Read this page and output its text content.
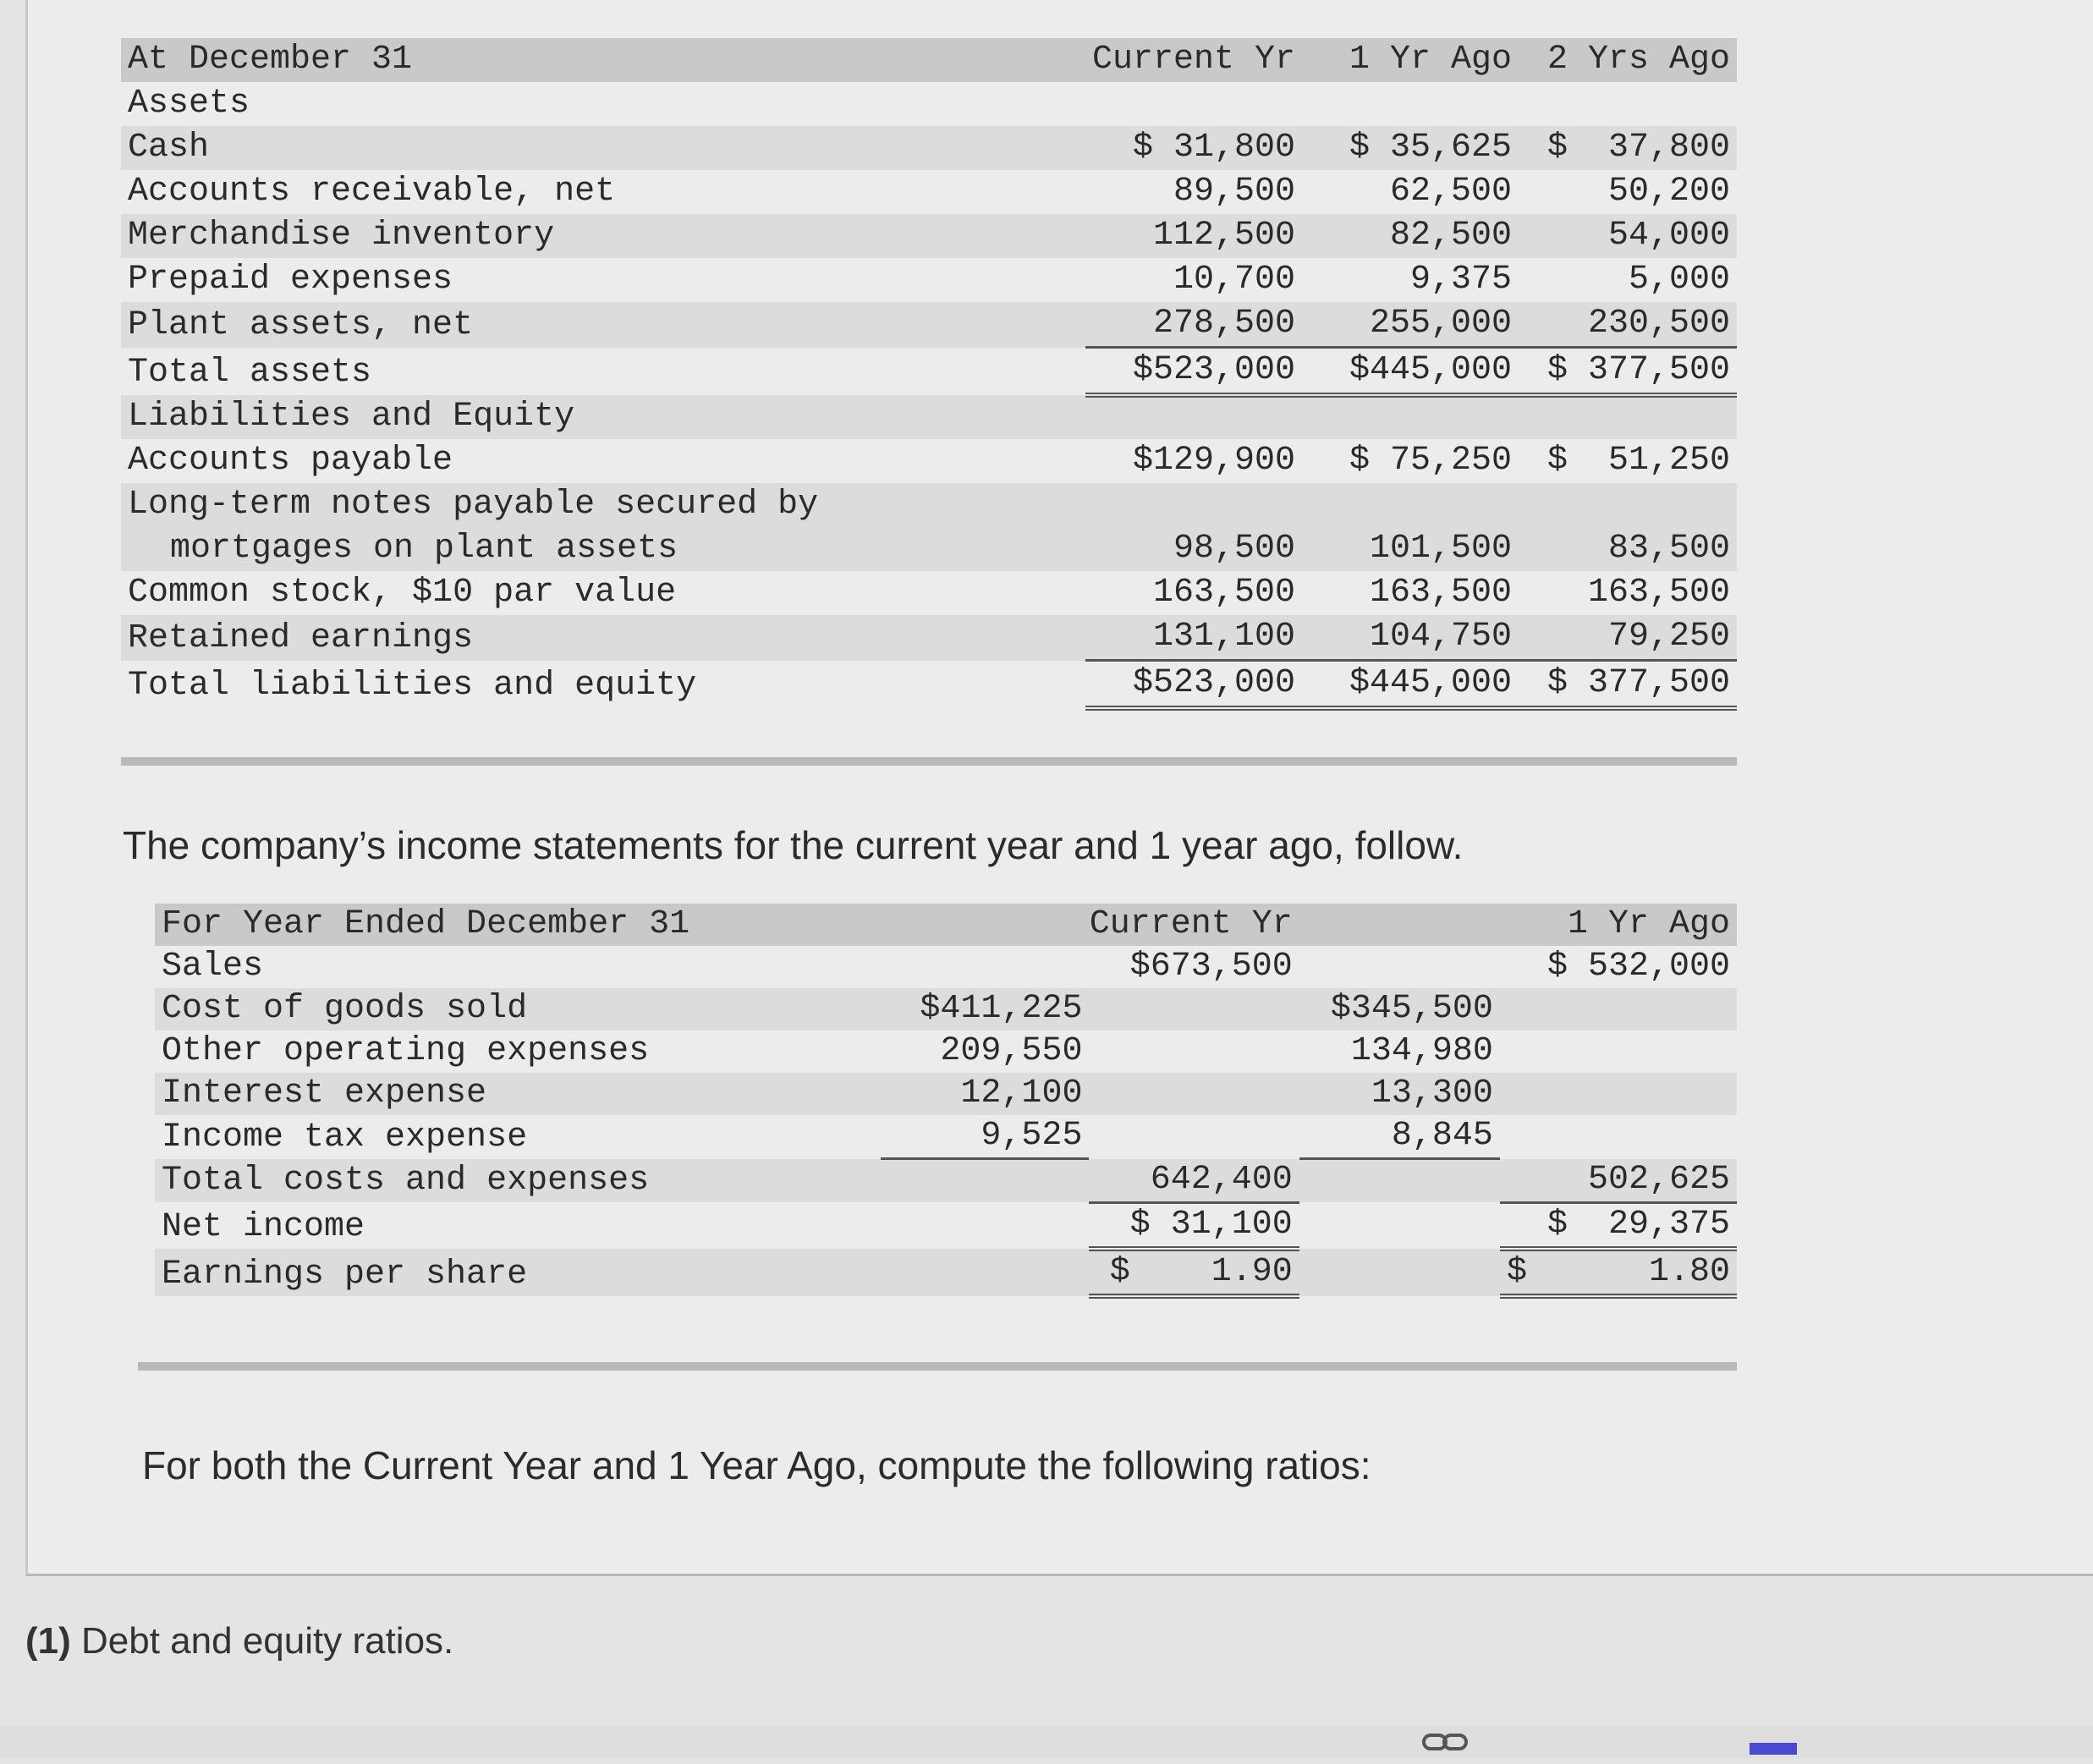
At December 31	Current Yr	1 Yr Ago	2 Yrs Ago
Assets			
Cash	$ 31,800	$ 35,625	$  37,800
Accounts receivable, net	89,500	62,500	50,200
Merchandise inventory	112,500	82,500	54,000
Prepaid expenses	10,700	9,375	5,000
Plant assets, net	278,500	255,000	230,500
Total assets	$523,000	$445,000	$ 377,500
Liabilities and Equity			
Accounts payable	$129,900	$ 75,250	$  51,250
Long-term notes payable secured by			
mortgages on plant assets	98,500	101,500	83,500
Common stock, $10 par value	163,500	163,500	163,500
Retained earnings	131,100	104,750	79,250
Total liabilities and equity	$523,000	$445,000	$ 377,500
The company’s income statements for the current year and 1 year ago, follow.
For Year Ended December 31	Current Yr		1 Yr Ago	
Sales		$673,500		$ 532,000
Cost of goods sold	$411,225		$345,500	
Other operating expenses	209,550		134,980	
Interest expense	12,100		13,300	
Income tax expense	9,525		8,845	
Total costs and expenses		642,400		502,625
Net income		$ 31,100		$  29,375
Earnings per share		$    1.90		$      1.80
For both the Current Year and 1 Year Ago, compute the following ratios:
(1) Debt and equity ratios.
